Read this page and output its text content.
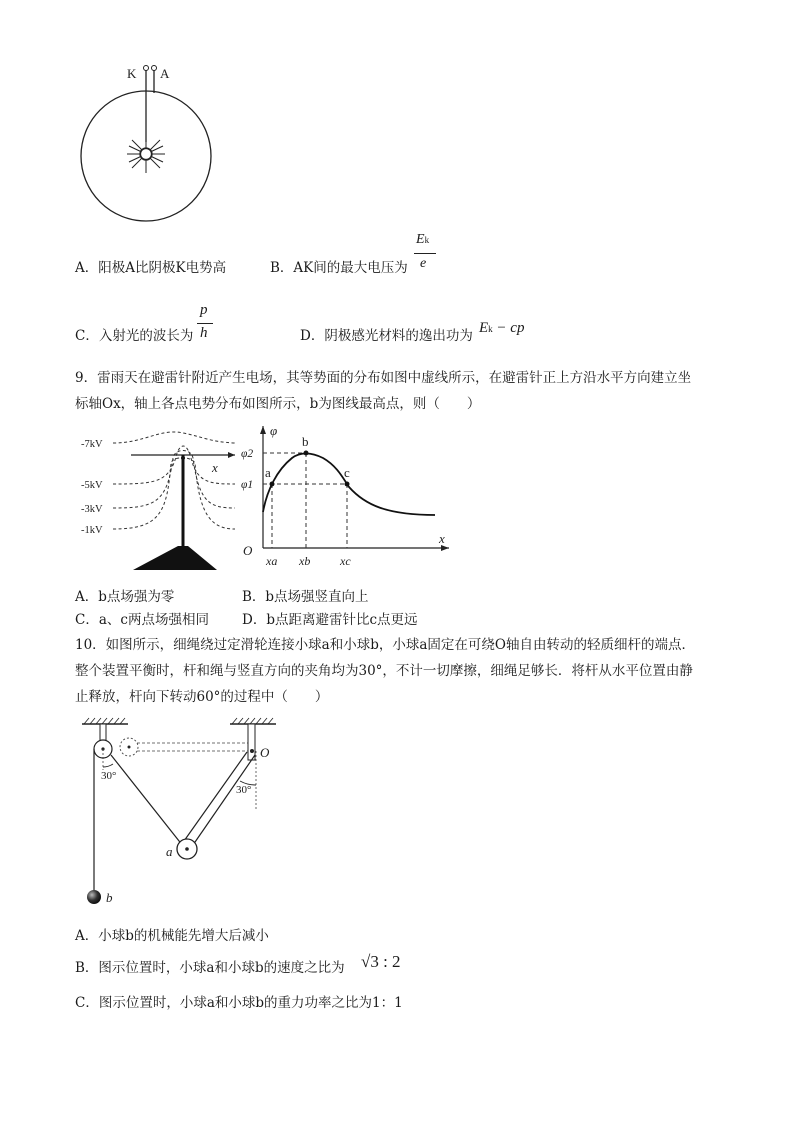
K A
A．阳极A比阴极K电势高	B．AK间的最大电压为
Ek
e
C．入射光的波长为
p
h	D．阴极感光材料的逸出功为 Ek − cp
9．雷雨天在避雷针附近产生电场，其等势面的分布如图中虚线所示，在避雷针正上方沿水平方向建立坐
标轴Ox，轴上各点电势分布如图所示，b为图线最高点，则（　　）
x
-7kV
-5kV
-3kV
-1kV
φ
x
O
a
b
c
φ2
φ1
xa xb xc
A．b点场强为零	B．b点场强竖直向上
C．a、c两点场强相同 D．b点距离避雷针比c点更远
10．如图所示，细绳绕过定滑轮连接小球a和小球b，小球a固定在可绕O轴自由转动的轻质细杆的端点．
整个装置平衡时，杆和绳与竖直方向的夹角均为30°，不计一切摩擦，细绳足够长．将杆从水平位置由静
止释放，杆向下转动60°的过程中（　　）
30°
O
30°
a
b
A．小球b的机械能先增大后减小
B．图示位置时，小球a和小球b的速度之比为 √3 : 2
C．图示位置时，小球a和小球b的重力功率之比为1：1
